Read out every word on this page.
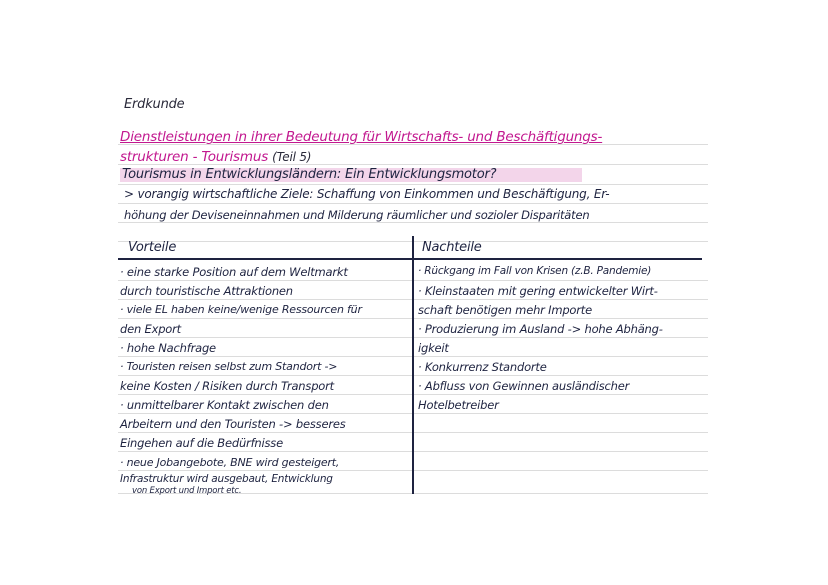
Erdkunde
Dienstleistungen in ihrer Bedeutung für Wirtschafts- und Beschäftigungs-
strukturen - Tourismus (Teil 5)
Tourismus in Entwicklungsländern: Ein Entwicklungsmotor?
> vorangig wirtschaftliche Ziele: Schaffung von Einkommen und Beschäftigung, Er-
höhung der Deviseneinnahmen und Milderung räumlicher und sozioler Disparitäten
Vorteile	Nachteile
· eine starke Position auf dem Weltmarkt
durch touristische Attraktionen
· viele EL haben keine/wenige Ressourcen für
den Export
· hohe Nachfrage
· Touristen reisen selbst zum Standort ->
keine Kosten / Risiken durch Transport
· unmittelbarer Kontakt zwischen den
Arbeitern und den Touristen -> besseres
Eingehen auf die Bedürfnisse
· neue Jobangebote, BNE wird gesteigert,
Infrastruktur wird ausgebaut, Entwicklung
von Export und Import etc.
· Rückgang im Fall von Krisen (z.B. Pandemie)
· Kleinstaaten mit gering entwickelter Wirt-
schaft benötigen mehr Importe
· Produzierung im Ausland -> hohe Abhäng-
igkeit
· Konkurrenz Standorte
· Abfluss von Gewinnen ausländischer
Hotelbetreiber
